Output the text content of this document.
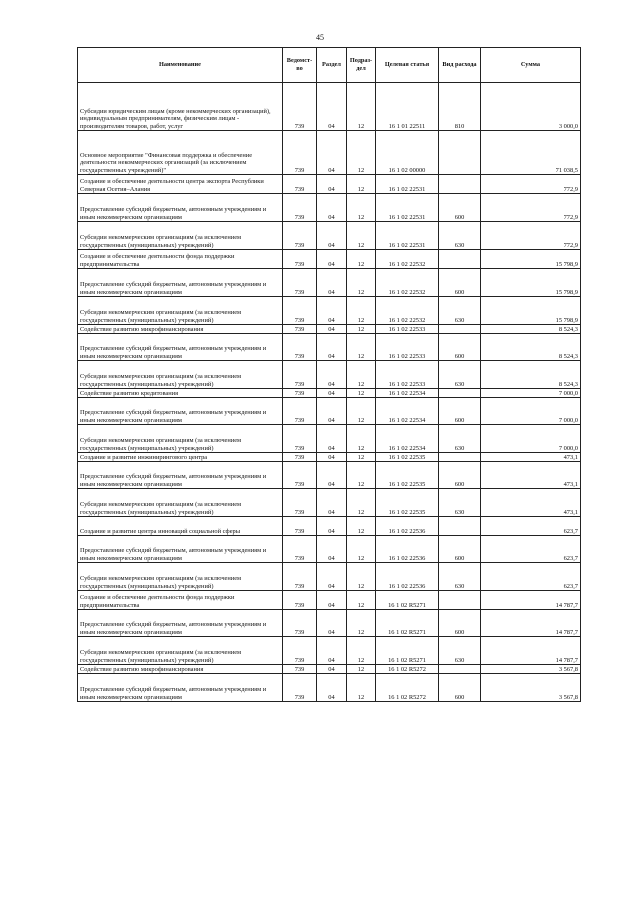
45
Наименование	Ведомст-во	Раздел	Подраз-дел	Целевая статья	Вид расхода	Сумма
Субсидии юридическим лицам (кроме некоммерческих организаций), индивидуальным предпринимателям, физическим лицам - производителям товаров, работ, услуг	739	04	12	16 1 01 22511	810	3 000,0
Основное мероприятие "Финансовая поддержка и обеспечение деятельности некоммерческих организаций (за исключением государственных учреждений)"	739	04	12	16 1 02 00000		71 038,5
Создание и обеспечение деятельности центра экспорта Республики Северная Осетия–Алания	739	04	12	16 1 02 22531		772,9
Предоставление субсидий бюджетным, автономным учреждениям и иным некоммерческим организациям	739	04	12	16 1 02 22531	600	772,9
Субсидии некоммерческим организациям (за исключением государственных (муниципальных) учреждений)	739	04	12	16 1 02 22531	630	772,9
Создание и обеспечение деятельности фонда поддержки предпринимательства	739	04	12	16 1 02 22532		15 798,9
Предоставление субсидий бюджетным, автономным учреждениям и иным некоммерческим организациям	739	04	12	16 1 02 22532	600	15 798,9
Субсидии некоммерческим организациям (за исключением государственных (муниципальных) учреждений)	739	04	12	16 1 02 22532	630	15 798,9
Содействие развитию микрофинансирования	739	04	12	16 1 02 22533		8 524,3
Предоставление субсидий бюджетным, автономным учреждениям и иным некоммерческим организациям	739	04	12	16 1 02 22533	600	8 524,3
Субсидии некоммерческим организациям (за исключением государственных (муниципальных) учреждений)	739	04	12	16 1 02 22533	630	8 524,3
Содействие развитию кредитования	739	04	12	16 1 02 22534		7 000,0
Предоставление субсидий бюджетным, автономным учреждениям и иным некоммерческим организациям	739	04	12	16 1 02 22534	600	7 000,0
Субсидии некоммерческим организациям (за исключением государственных (муниципальных) учреждений)	739	04	12	16 1 02 22534	630	7 000,0
Создание и развитие инжинирингового центра	739	04	12	16 1 02 22535		473,1
Предоставление субсидий бюджетным, автономным учреждениям и иным некоммерческим организациям	739	04	12	16 1 02 22535	600	473,1
Субсидии некоммерческим организациям (за исключением государственных (муниципальных) учреждений)	739	04	12	16 1 02 22535	630	473,1
Создание и развитие центра инноваций социальной сферы	739	04	12	16 1 02 22536		623,7
Предоставление субсидий бюджетным, автономным учреждениям и иным некоммерческим организациям	739	04	12	16 1 02 22536	600	623,7
Субсидии некоммерческим организациям (за исключением государственных (муниципальных) учреждений)	739	04	12	16 1 02 22536	630	623,7
Создание и обеспечение деятельности фонда поддержки предпринимательства	739	04	12	16 1 02 R5271		14 787,7
Предоставление субсидий бюджетным, автономным учреждениям и иным некоммерческим организациям	739	04	12	16 1 02 R5271	600	14 787,7
Субсидии некоммерческим организациям (за исключением государственных (муниципальных) учреждений)	739	04	12	16 1 02 R5271	630	14 787,7
Содействие развитию микрофинансирования	739	04	12	16 1 02 R5272		3 567,8
Предоставление субсидий бюджетным, автономным учреждениям и иным некоммерческим организациям	739	04	12	16 1 02 R5272	600	3 567,8
